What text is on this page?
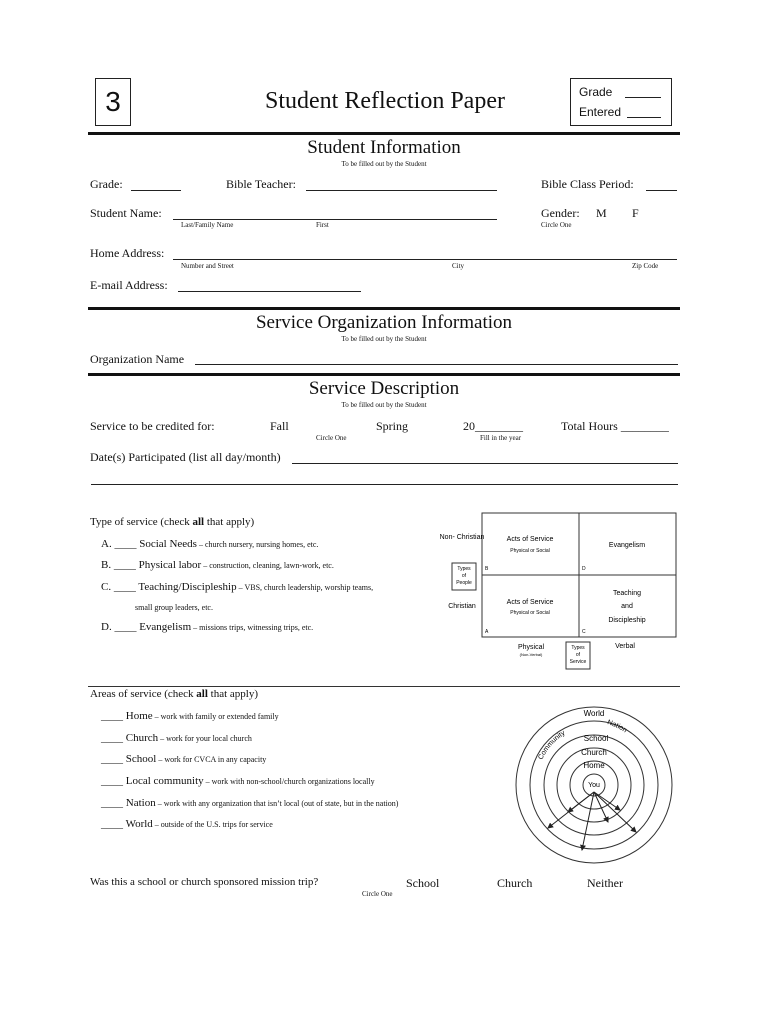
3	Student Reflection Paper	Grade
Entered
Student Information
To be filled out by the Student
Grade:	Bible Teacher:	Bible Class Period:
Student Name:
Last/Family Name	First
Gender: M F
Circle One
Home Address:
Number and Street	City	Zip Code
E-mail Address:
Service Organization Information
To be filled out by the Student
Organization Name
Service Description
To be filled out by the Student
Service to be credited for:	Fall	Spring	20________	Total Hours ________
Circle One	Fill in the year
Date(s) Participated (list all day/month)
Type of service (check all that apply)
A. ____ Social Needs – church nursery, nursing homes, etc.
B. ____ Physical labor – construction, cleaning, lawn-work, etc.
C. ____ Teaching/Discipleship – VBS, church leadership, worship teams,
small group leaders, etc.
D. ____ Evangelism – missions trips, witnessing trips, etc.
Non- Christian
Christian
Types
of
People
Acts of Service
Physical or Social
Evangelism
Acts of Service
Physical or Social
Teaching
and
Discipleship
B	D
A	C
Physical
(Non-Verbal)
Types
of
Service
Verbal
Areas of service (check all that apply)
____ Home – work with family or extended family
____ Church – work for your local church
____ School – work for CVCA in any capacity
____ Local community – work with non-school/church organizations locally
____ Nation – work with any organization that isn’t local (out of state, but in the nation)
____ World – outside of the U.S. trips for service
World
Community
Nation
School
Church
Home
You
Was this a school or church sponsored mission trip?	School	Church	Neither
Circle One
